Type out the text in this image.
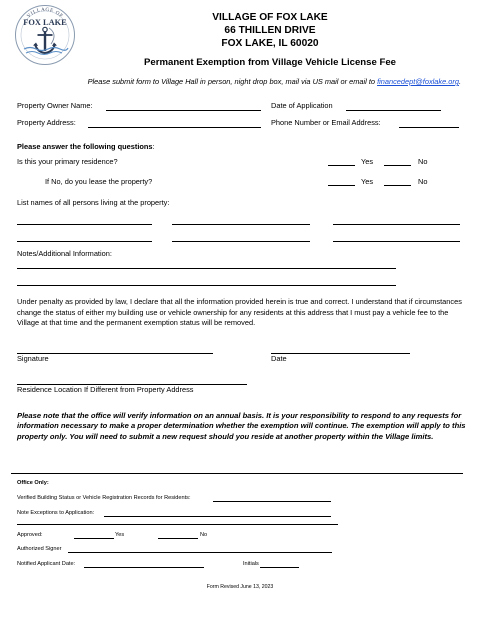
VILLAGE OF
FOX LAKE	VILLAGE OF FOX LAKE
66 THILLEN DRIVE
FOX LAKE, IL 60020
Permanent Exemption from Village Vehicle License Fee
Please submit form to Village Hall in person, night drop box, mail via US mail or email to financedept@foxlake.org.
Property Owner Name:	Date of Application
Property Address:	Phone Number or Email Address:
Please answer the following questions:
Is this your primary residence?	Yes	No
If No, do you lease the property?	Yes	No
List names of all persons living at the property:
Notes/Additional Information:
Under penalty as provided by law, I declare that all the information provided herein is true and correct. I understand that if circumstances change the status of either my building use or vehicle ownership for any residents at this address that I must pay a vehicle fee to the Village at that time and the permanent exemption status will be removed.
Signature	Date
Residence Location If Different from Property Address
Please note that the office will verify information on an annual basis. It is your responsibility to respond to any requests for information necessary to make a proper determination whether the exemption will continue. The exemption will apply to this property only. You will need to submit a new request should you reside at another property within the Village limits.
Office Only:
Verified Building Status or Vehicle Registration Records for Residents:
Note Exceptions to Application:
Approved:	Yes	No
Authorized Signer
Notified Applicant Date:	Initials
Form Revised June 13, 2023
